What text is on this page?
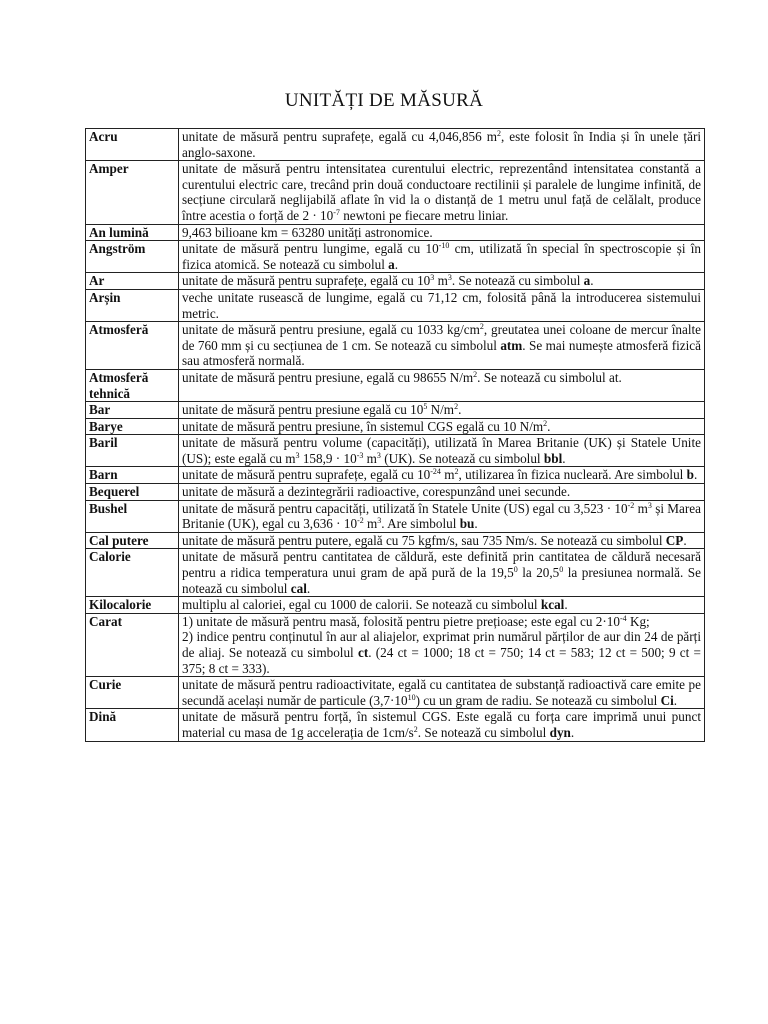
UNITĂȚI DE MĂSURĂ
Acru	unitate de măsură pentru suprafețe, egală cu 4,046,856 $m^2$, este folosit în India și în unele țări anglo-saxone.
Amper	unitate de măsură pentru intensitatea curentului electric, reprezentând intensitatea constantă a curentului electric care, trecând prin două conductoare rectilinii și paralele de lungime infinită, de secțiune circulară neglijabilă aflate în vid la o distanță de 1 metru unul față de celălalt, produce între acestia o forță de $2 \cdot 10^{-7}$ newtoni pe fiecare metru liniar.
An lumină	9,463 bilioane km = 63280 unități astronomice.
Angström	unitate de măsură pentru lungime, egală cu $10^{-10}$ cm, utilizată în special în spectroscopie și în fizica atomică. Se notează cu simbolul a.
Ar	unitate de măsură pentru suprafețe, egală cu $10^3$ $m^3$. Se notează cu simbolul a.
Arșin	veche unitate rusească de lungime, egală cu 71,12 cm, folosită până la introducerea sistemului metric.
Atmosferă	unitate de măsură pentru presiune, egală cu 1033 $kg/cm^2$, greutatea unei coloane de mercur înalte de 760 mm și cu secțiunea de 1 cm. Se notează cu simbolul atm. Se mai numește atmosferă fizică sau atmosferă normală.
Atmosferă tehnică	unitate de măsură pentru presiune, egală cu 98655 $N/m^2$. Se notează cu simbolul at.
Bar	unitate de măsură pentru presiune egală cu $10^5$ $N/m^2$.
Barye	unitate de măsură pentru presiune, în sistemul CGS egală cu 10 $N/m^2$.
Baril	unitate de măsură pentru volume (capacități), utilizată în Marea Britanie (UK) și Statele Unite (US); este egală cu $m^3$ $158,9 \cdot 10^{-3}$ $m^3$ (UK). Se notează cu simbolul bbl.
Barn	unitate de măsură pentru suprafețe, egală cu $10^{-24}$ $m^2$, utilizarea în fizica nucleară. Are simbolul b.
Bequerel	unitate de măsură a dezintegrării radioactive, corespunzând unei secunde.
Bushel	unitate de măsură pentru capacități, utilizată în Statele Unite (US) egal cu $3,523 \cdot 10^{-2}$ $m^3$ și Marea Britanie (UK), egal cu $3,636 \cdot 10^{-2}$ $m^3$. Are simbolul bu.
Cal putere	unitate de măsură pentru putere, egală cu 75 kgfm/s, sau 735 Nm/s. Se notează cu simbolul CP.
Calorie	unitate de măsură pentru cantitatea de căldură, este definită prin cantitatea de căldură necesară pentru a ridica temperatura unui gram de apă pură de la 19,5$^0$ la 20,5$^0$ la presiunea normală. Se notează cu simbolul cal.
Kilocalorie	multiplu al caloriei, egal cu 1000 de calorii. Se notează cu simbolul kcal.
Carat	1) unitate de măsură pentru masă, folosită pentru pietre prețioase; este egal cu $2\cdot 10^{-4}$ Kg;
2) indice pentru conținutul în aur al aliajelor, exprimat prin numărul părților de aur din 24 de părți de aliaj. Se notează cu simbolul ct. (24 ct = 1000; 18 ct = 750; 14 ct = 583; 12 ct = 500; 9 ct = 375; 8 ct = 333).
Curie	unitate de măsură pentru radioactivitate, egală cu cantitatea de substanță radioactivă care emite pe secundă același număr de particule $(3,7\cdot 10^{10})$ cu un gram de radiu. Se notează cu simbolul Ci.
Dină	unitate de măsură pentru forță, în sistemul CGS. Este egală cu forța care imprimă unui punct material cu masa de 1g accelerația de $1cm/s^2$. Se notează cu simbolul dyn.
